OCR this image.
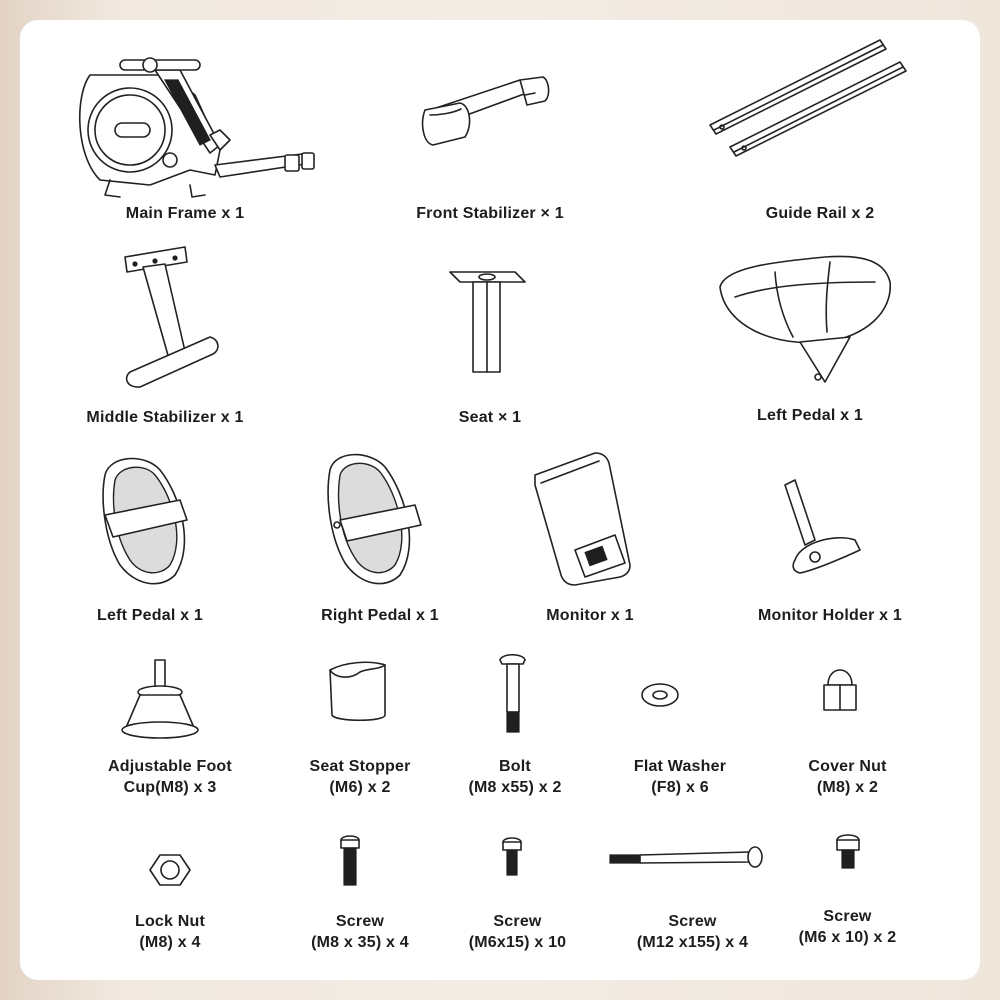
Main Frame x 1	Front Stabilizer × 1	Guide Rail x 2
Middle Stabilizer x 1	Seat × 1	Left Pedal x 1
Left Pedal x 1	Right Pedal x 1	Monitor x 1	Monitor Holder x 1
Adjustable Foot
Cup(M8) x 3
Seat Stopper
(M6) x 2
Bolt
(M8 x55) x 2
Flat Washer
(F8) x 6
Cover Nut
(M8) x 2
Lock Nut
(M8) x 4
Screw
(M8 x 35) x 4
Screw
(M6x15) x 10
Screw
(M12 x155) x 4
Screw
(M6 x 10) x 2
